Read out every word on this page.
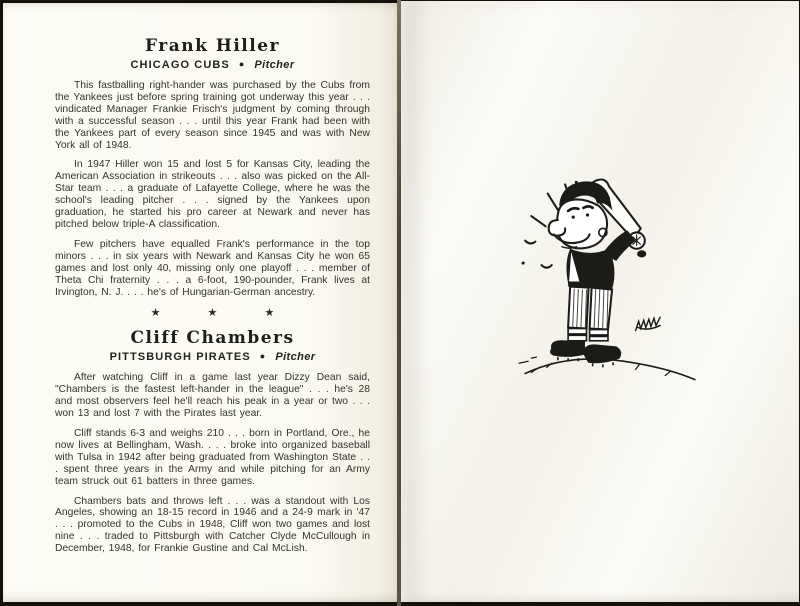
Frank Hiller
CHICAGO CUBS ● Pitcher

This fastballing right-hander was purchased by the Cubs from the Yankees just before spring training got underway this year . . . vindicated Manager Frankie Frisch's judgment by coming through with a successful season . . . until this year Frank had been with the Yankees part of every season since 1945 and was with New York all of 1948.

In 1947 Hiller won 15 and lost 5 for Kansas City, leading the American Association in strikeouts . . . also was picked on the All-Star team . . . a graduate of Lafayette College, where he was the school's leading pitcher . . . signed by the Yankees upon graduation, he started his pro career at Newark and never has pitched below triple-A classification.

Few pitchers have equalled Frank's performance in the top minors . . . in six years with Newark and Kansas City he won 65 games and lost only 40, missing only one playoff . . . member of Theta Chi fraternity . . . a 6-foot, 190-pounder, Frank lives at Irvington, N. J. . . . he's of Hungarian-German ancestry.

★ ★ ★
Cliff Chambers
PITTSBURGH PIRATES ● Pitcher

After watching Cliff in a game last year Dizzy Dean said, "Chambers is the fastest left-hander in the league" . . . he's 28 and most observers feel he'll reach his peak in a year or two . . . won 13 and lost 7 with the Pirates last year.

Cliff stands 6-3 and weighs 210 . . . born in Portland, Ore., he now lives at Bellingham, Wash. . . . broke into organized baseball with Tulsa in 1942 after being graduated from Washington State . . . spent three years in the Army and while pitching for an Army team struck out 61 batters in three games.

Chambers bats and throws left . . . was a standout with Los Angeles, showing an 18-15 record in 1946 and a 24-9 mark in '47 . . . promoted to the Cubs in 1948, Cliff won two games and lost nine . . . traded to Pittsburgh with Catcher Clyde McCullough in December, 1948, for Frankie Gustine and Cal McLish.
